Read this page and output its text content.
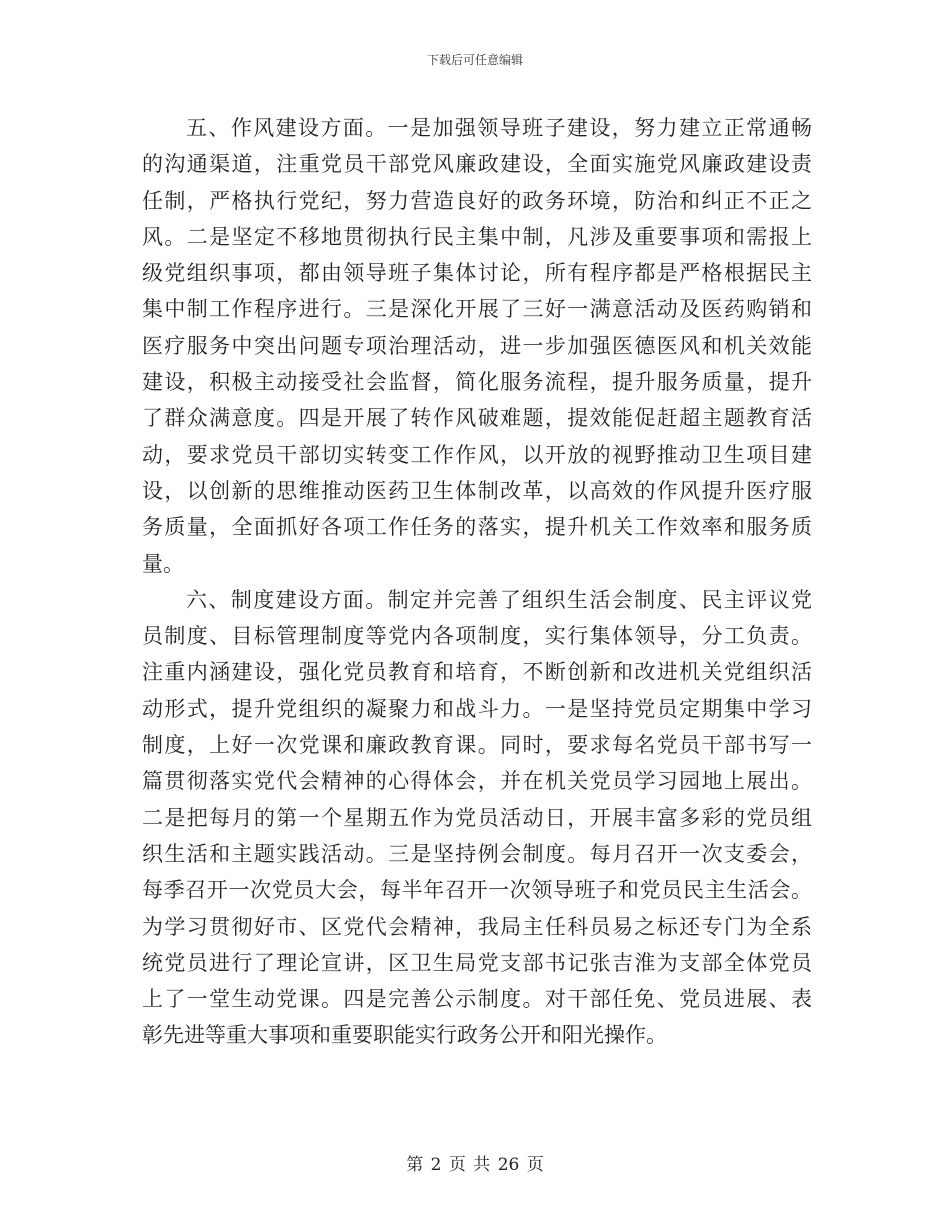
下载后可任意编辑
五、作风建设方面。一是加强领导班子建设，努力建立正常通畅
的沟通渠道，注重党员干部党风廉政建设，全面实施党风廉政建设责
任制，严格执行党纪，努力营造良好的政务环境，防治和纠正不正之
风。二是坚定不移地贯彻执行民主集中制，凡涉及重要事项和需报上
级党组织事项，都由领导班子集体讨论，所有程序都是严格根据民主
集中制工作程序进行。三是深化开展了三好一满意活动及医药购销和
医疗服务中突出问题专项治理活动，进一步加强医德医风和机关效能
建设，积极主动接受社会监督，简化服务流程，提升服务质量，提升
了群众满意度。四是开展了转作风破难题，提效能促赶超主题教育活
动，要求党员干部切实转变工作作风，以开放的视野推动卫生项目建
设，以创新的思维推动医药卫生体制改革，以高效的作风提升医疗服
务质量，全面抓好各项工作任务的落实，提升机关工作效率和服务质
量。
六、制度建设方面。制定并完善了组织生活会制度、民主评议党
员制度、目标管理制度等党内各项制度，实行集体领导，分工负责。
注重内涵建设，强化党员教育和培育，不断创新和改进机关党组织活
动形式，提升党组织的凝聚力和战斗力。一是坚持党员定期集中学习
制度，上好一次党课和廉政教育课。同时，要求每名党员干部书写一
篇贯彻落实党代会精神的心得体会，并在机关党员学习园地上展出。
二是把每月的第一个星期五作为党员活动日，开展丰富多彩的党员组
织生活和主题实践活动。三是坚持例会制度。每月召开一次支委会，
每季召开一次党员大会，每半年召开一次领导班子和党员民主生活会。
为学习贯彻好市、区党代会精神，我局主任科员易之标还专门为全系
统党员进行了理论宣讲，区卫生局党支部书记张吉淮为支部全体党员
上了一堂生动党课。四是完善公示制度。对干部任免、党员进展、表
彰先进等重大事项和重要职能实行政务公开和阳光操作。
第 2 页 共 26 页
